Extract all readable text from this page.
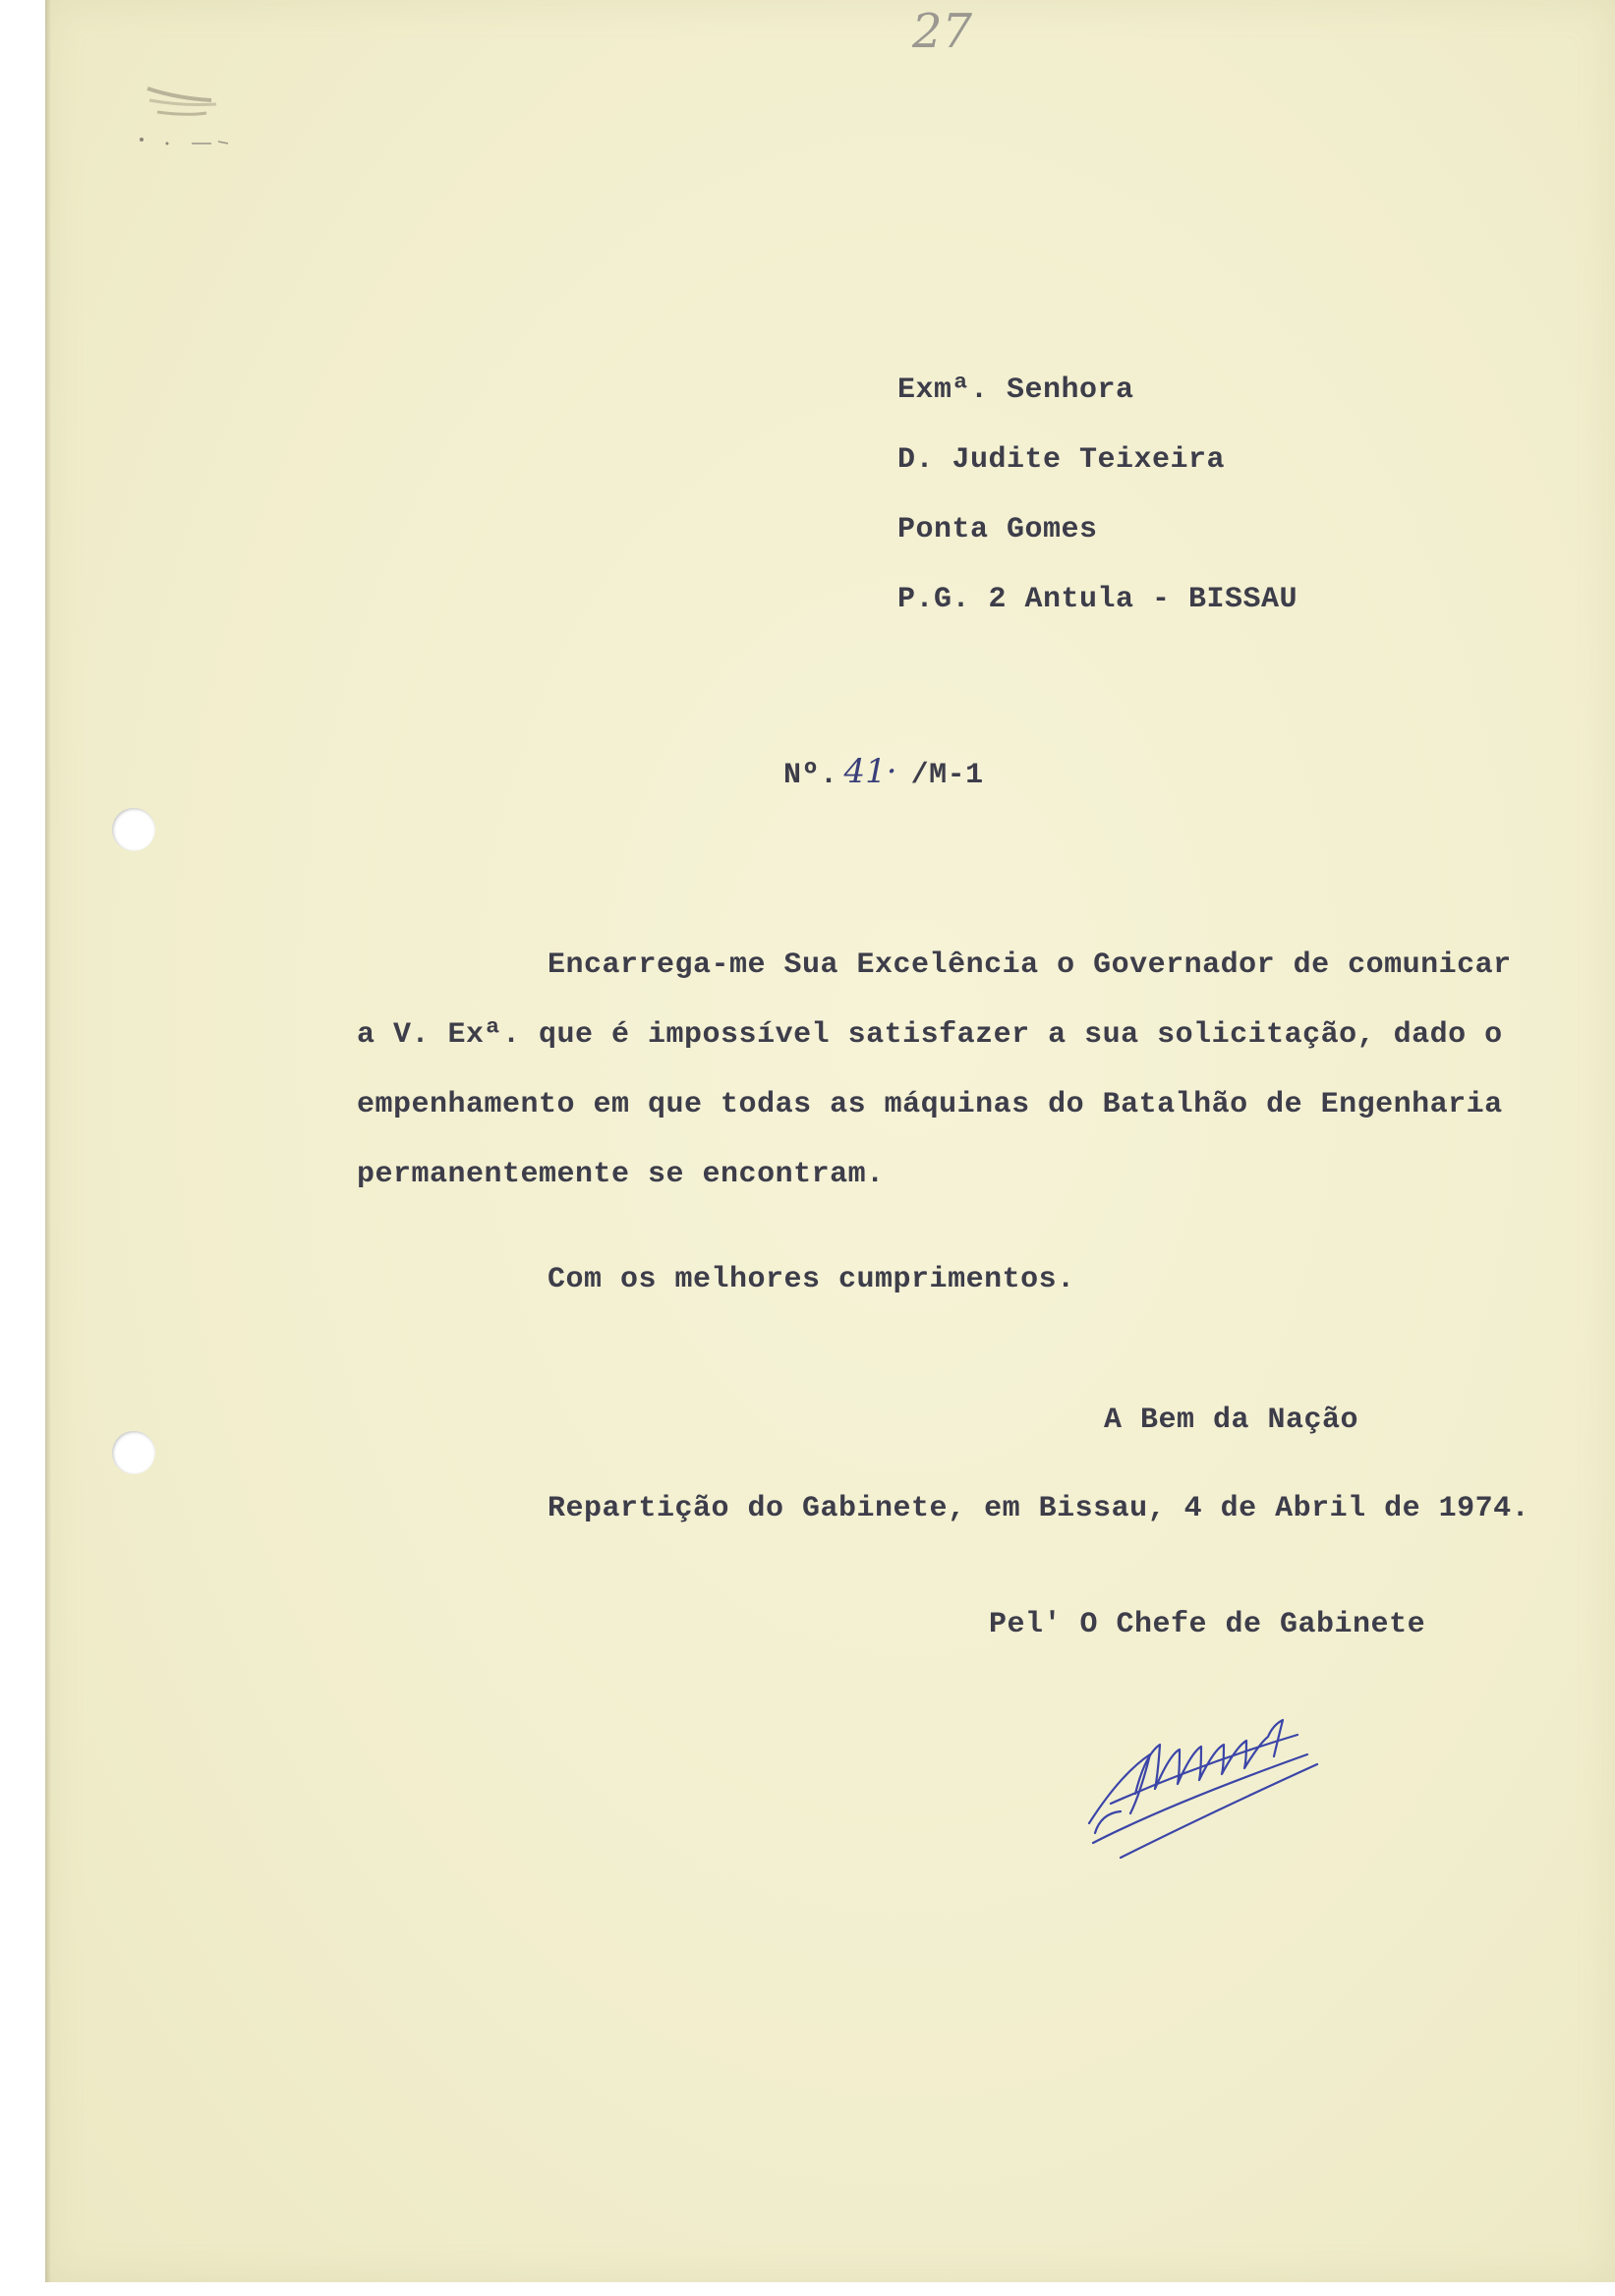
27
Exmª. Senhora
D. Judite Teixeira
Ponta Gomes
P.G. 2 Antula - BISSAU
Nº. 41· /M-1
Encarrega-me Sua Excelência o Governador de comunicar
a V. Exª. que é impossível satisfazer a sua solicitação, dado o
empenhamento em que todas as máquinas do Batalhão de Engenharia
permanentemente se encontram.
Com os melhores cumprimentos.
A Bem da Nação
Repartição do Gabinete, em Bissau, 4 de Abril de 1974.
Pel' O Chefe de Gabinete
